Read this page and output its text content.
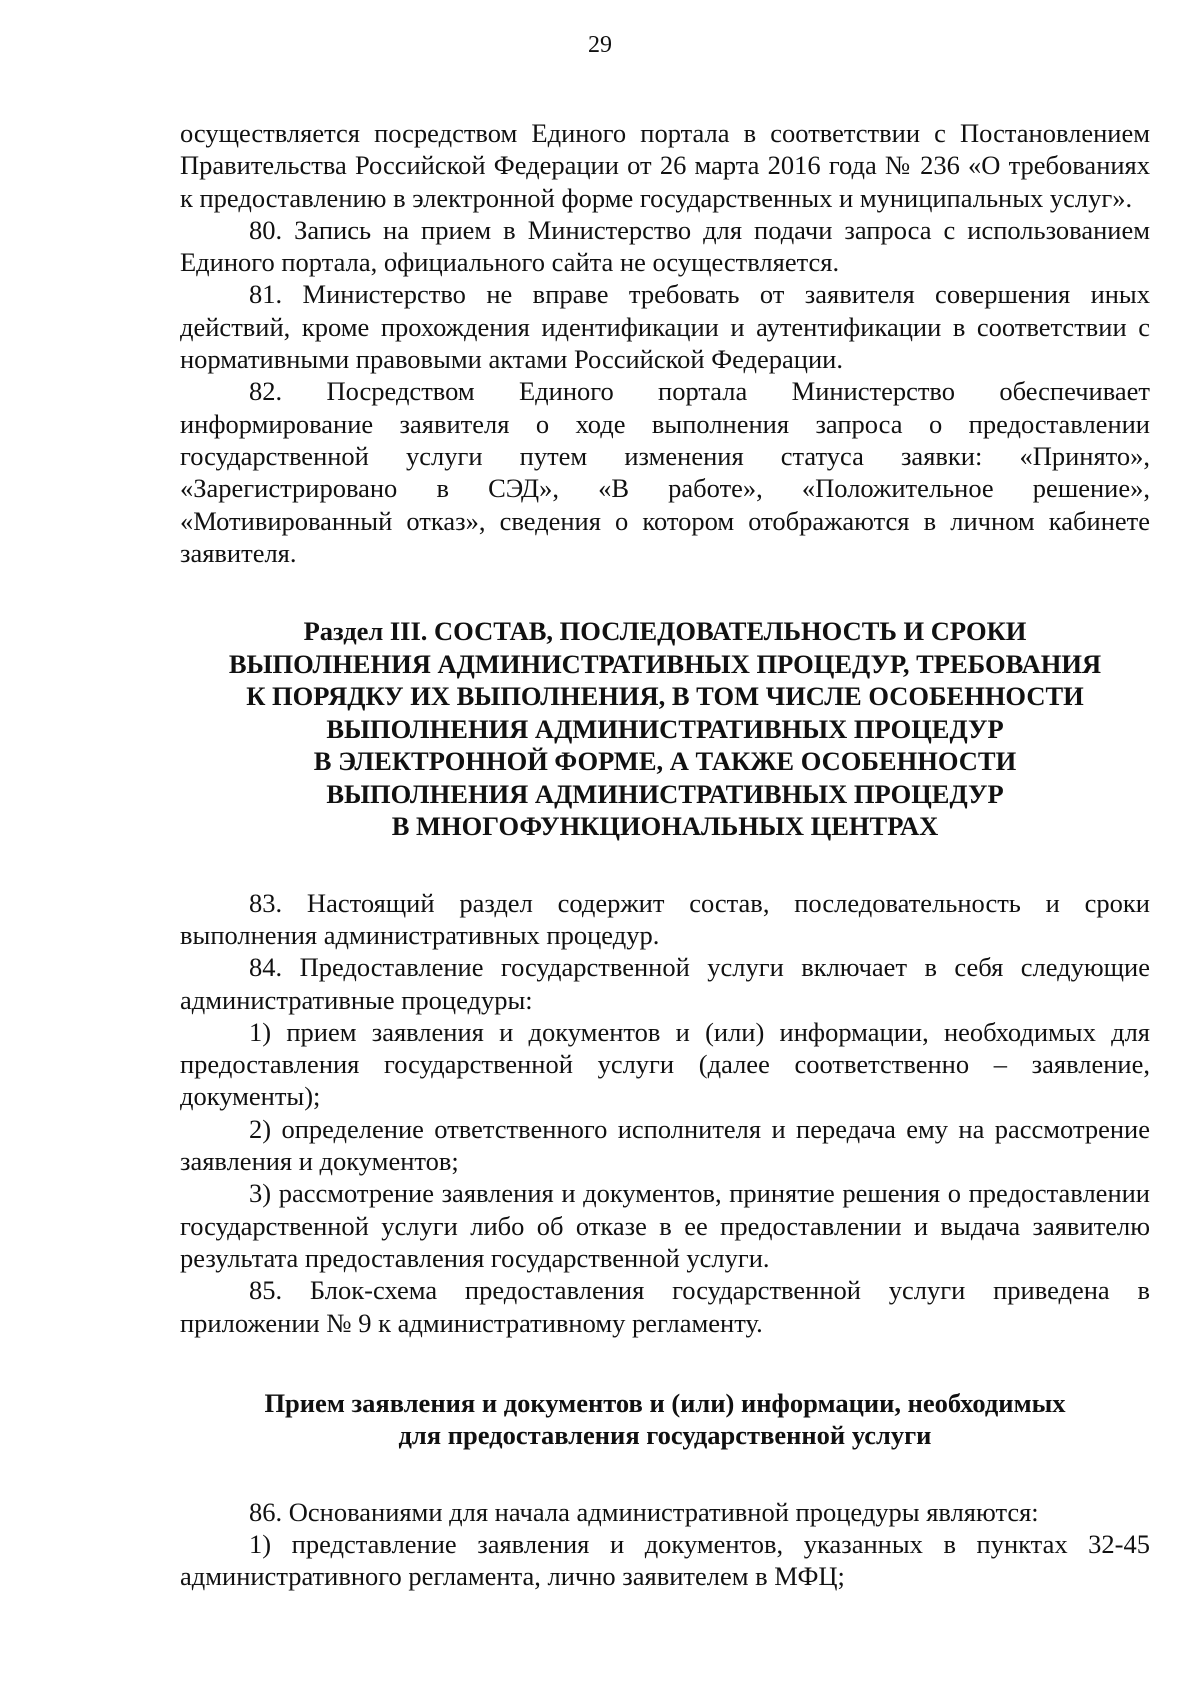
29

осуществляется посредством Единого портала в соответствии с Постановлением Правительства Российской Федерации от 26 марта 2016 года № 236 «О требованиях к предоставлению в электронной форме государственных и муниципальных услуг».

80. Запись на прием в Министерство для подачи запроса с использованием Единого портала, официального сайта не осуществляется.

81. Министерство не вправе требовать от заявителя совершения иных действий, кроме прохождения идентификации и аутентификации в соответствии с нормативными правовыми актами Российской Федерации.

82. Посредством Единого портала Министерство обеспечивает информирование заявителя о ходе выполнения запроса о предоставлении государственной услуги путем изменения статуса заявки: «Принято», «Зарегистрировано в СЭД», «В работе», «Положительное решение», «Мотивированный отказ», сведения о котором отображаются в личном кабинете заявителя.

Раздел III. СОСТАВ, ПОСЛЕДОВАТЕЛЬНОСТЬ И СРОКИ
ВЫПОЛНЕНИЯ АДМИНИСТРАТИВНЫХ ПРОЦЕДУР, ТРЕБОВАНИЯ
К ПОРЯДКУ ИХ ВЫПОЛНЕНИЯ, В ТОМ ЧИСЛЕ ОСОБЕННОСТИ
ВЫПОЛНЕНИЯ АДМИНИСТРАТИВНЫХ ПРОЦЕДУР
В ЭЛЕКТРОННОЙ ФОРМЕ, А ТАКЖЕ ОСОБЕННОСТИ
ВЫПОЛНЕНИЯ АДМИНИСТРАТИВНЫХ ПРОЦЕДУР
В МНОГОФУНКЦИОНАЛЬНЫХ ЦЕНТРАХ

83. Настоящий раздел содержит состав, последовательность и сроки выполнения административных процедур.

84. Предоставление государственной услуги включает в себя следующие административные процедуры:

1) прием заявления и документов и (или) информации, необходимых для предоставления государственной услуги (далее соответственно – заявление, документы);

2) определение ответственного исполнителя и передача ему на рассмотрение заявления и документов;

3) рассмотрение заявления и документов, принятие решения о предоставлении государственной услуги либо об отказе в ее предоставлении и выдача заявителю результата предоставления государственной услуги.

85. Блок-схема предоставления государственной услуги приведена в приложении № 9 к административному регламенту.

Прием заявления и документов и (или) информации, необходимых
для предоставления государственной услуги

86. Основаниями для начала административной процедуры являются:

1) представление заявления и документов, указанных в пунктах 32-45 административного регламента, лично заявителем в МФЦ;
